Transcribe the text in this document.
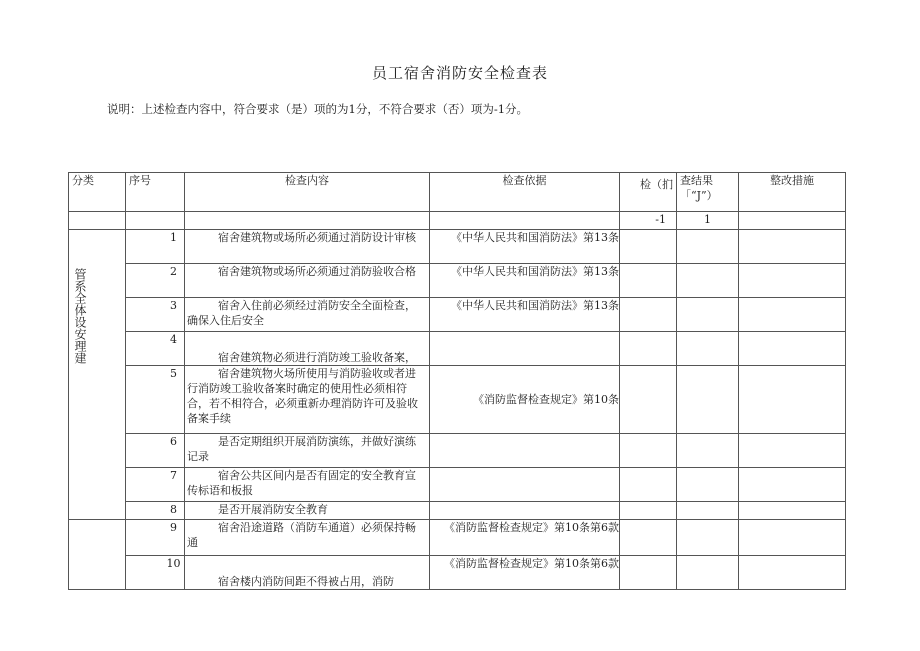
员工宿舍消防安全检查表
说明：上述检查内容中，符合要求（是）项的为1分，不符合要求（否）项为-1分。
分类	序号	检查内容	检查依据	检（扪	查结果「“J”）	整改措施
				-1	1	

管系全体设安理建	1	宿舍建筑物或场所必须通过消防设计审核	《中华人民共和国消防法》第13条			
	2	宿舍建筑物或场所必须通过消防验收合格	《中华人民共和国消防法》第13条			
	3	宿舍入住前必须经过消防安全全面检查，确保入住后安全	《中华人民共和国消防法》第13条			
	4	宿舍建筑物必须进行消防竣工验收备案，				
	5	宿舍建筑物火场所使用与消防验收或者进行消防竣工验收备案时确定的使用性必须相符合，若不相符合，必须重新办理消防许可及验收备案手续	《消防监督检查规定》第10条			
	6	是否定期组织开展消防演练，并做好演练记录				
	7	宿舍公共区间内是否有固定的安全教育宣传标语和板报				
	8	是否开展消防安全教育				
	9	宿舍沿途道路（消防车通道）必须保持畅通	《消防监督检查规定》第10条第6款			
	10	宿舍楼内消防间距不得被占用，消防	《消防监督检查规定》第10条第6款			
